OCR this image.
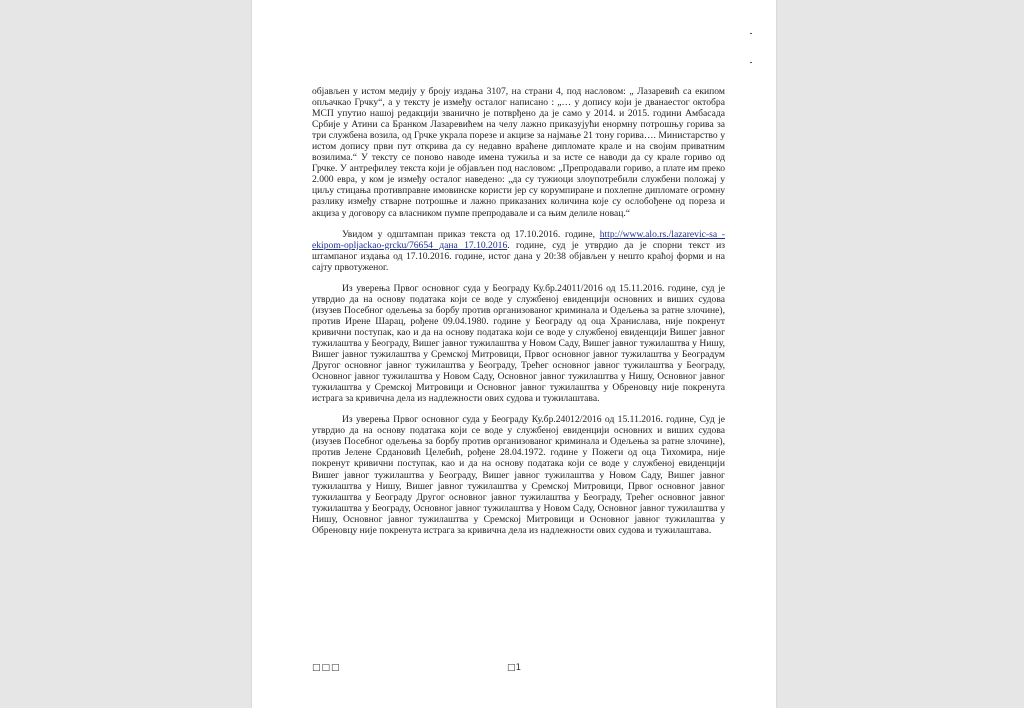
објављен у истом медију у броју издања 3107, на страни 4, под насловом: „ Лазаревић са екипом опљачкао Грчку“, а у тексту је између осталог написано : „… у допису који је дванаестог октобра МСП упутио нашој редакцији званично је потврђено да је само у 2014. и 2015. години Амбасада Србије у Атини са Бранком Лазаревићем на челу лажно приказујући енормну потрошњу горива за три службена возила, од Грчке украла порезе и акцизе за најмање 21 тону горива…. Министарство у истом допису први пут открива да су недавно враћене дипломате крале и на својим приватним возилима.“ У тексту се поново наводе имена тужиља и за исте се наводи да су крале гориво од Грчке. У антрефилеу текста који је објављен под насловом: „Препродавали гориво, а плате им преко 2.000 евра, у ком је између осталог наведено: „да су тужиоци злоупотребили службени положај у циљу стицања противправне имовинске користи јер су корумпиране и похлепне дипломате огромну разлику између стварне потрошње и лажно приказаних количина које су ослобођене од пореза и акциза у договору са власником пумпе препродавале и са њим делиле новац.“

Увидом у одштампан приказ текста од 17.10.2016. године, http://www.alo.rs./lazarevic-sa -ekipom-opljackao-grcku/76654 дана 17.10.2016. године, суд је утврдио да је спорни текст из штампаног издања од 17.10.2016. године, истог дана у 20:38 објављен у нешто краћој форми и на сајту првотуженог.

Из уверења Првог основног суда у Београду Ку.бр.24011/2016 од 15.11.2016. године, суд је утврдио да на основу података који се воде у службеној евиденцији основних и виших судова (изузев Посебног одељења за борбу против организованог криминала и Одељења за ратне злочине), против Ирене Шарац, рођене 09.04.1980. године у Београду од оца Хранислава, није покренут кривични поступак, као и да на основу података који се воде у службеној евиденцији Вишег јавног тужилаштва у Београду, Вишег јавног тужилаштва у Новом Саду, Вишег јавног тужилаштва у Нишу, Вишег јавног тужилаштва у Сремској Митровици, Првог основног јавног тужилаштва у Београдум Другог основног јавног тужилаштва у Београду, Трећег основног јавног тужилаштва у Београду, Основног јавног тужилаштва у Новом Саду, Основног јавног тужилаштва у Нишу, Основног јавног тужилаштва у Сремској Митровици и Основног јавног тужилаштва у Обреновцу није покренута истрага за кривична дела из надлежности ових судова и тужилаштава.

Из уверења Првог основног суда у Београду Ку.бр.24012/2016 од 15.11.2016. године, Суд је утврдио да на основу података који се воде у службеној евиденцији основних и виших судова (изузев Посебног одељења за борбу против организованог криминала и Одељења за ратне злочине), против Јелене Срдановић Целебић, рођене 28.04.1972. године у Пожеги од оца Тихомира, није покренут кривични поступак, као и да на основу података који се воде у службеној евиденцији Вишег јавног тужилаштва у Београду, Вишег јавног тужилаштва у Новом Саду, Вишег јавног тужилаштва у Нишу, Вишег јавног тужилаштва у Сремској Митровици, Првог основног јавног тужилаштва у Београду Другог основног јавног тужилаштва у Београду, Трећег основног јавног тужилаштва у Београду, Основног јавног тужилаштва у Новом Саду, Основног јавног тужилаштва у Нишу, Основног јавног тужилаштва у Сремској Митровици и Основног јавног тужилаштва у Обреновцу није покренута истрага за кривична дела из надлежности ових судова и тужилаштава.

□□□	□1
